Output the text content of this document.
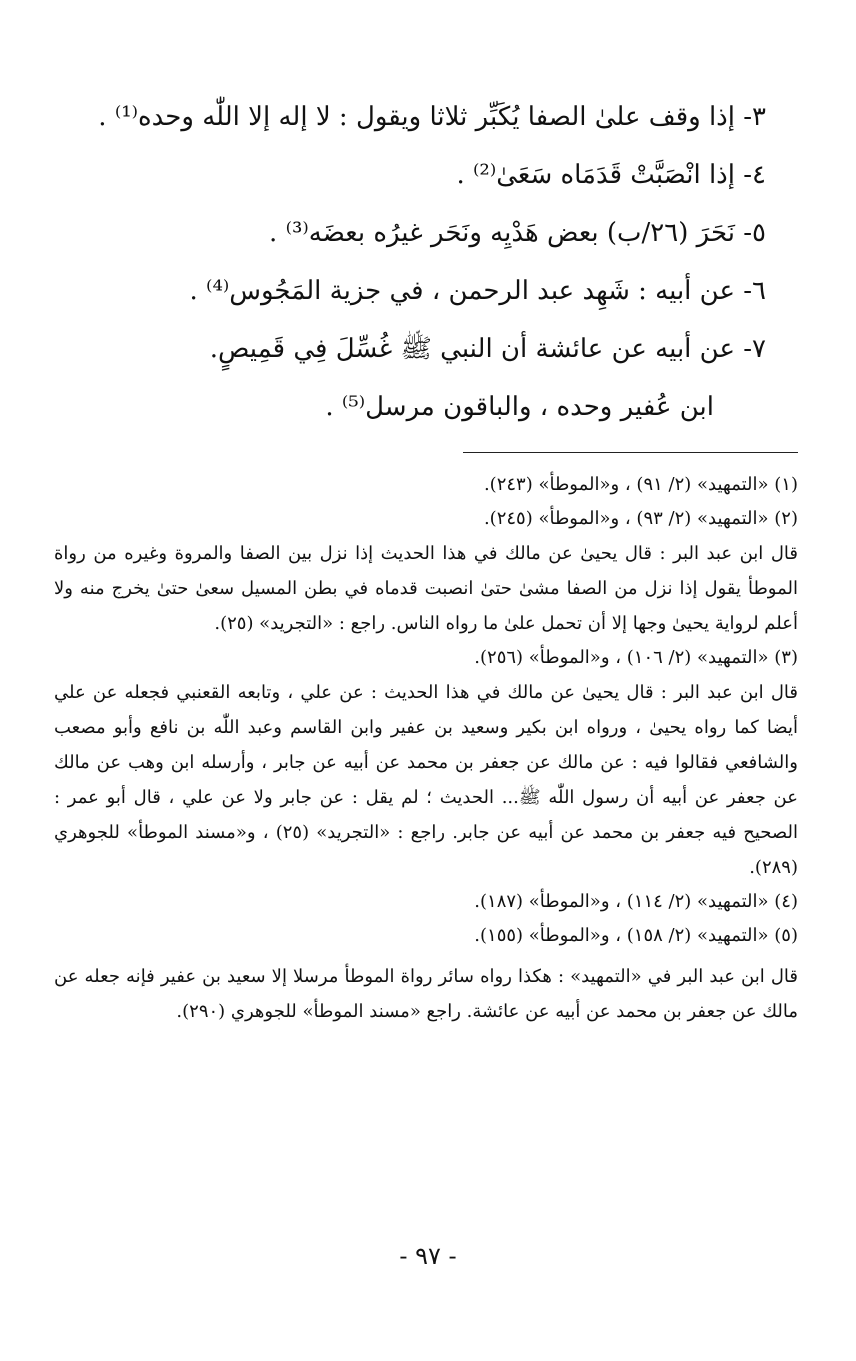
٣- إذا وقف علىٰ الصفا يُكَبِّر ثلاثا ويقول : لا إله إلا اللّٰه وحده⁽¹⁾ .

٤- إذا انْصَبَّتْ قَدَمَاه سَعَىٰ⁽²⁾ .

٥- نَحَرَ (٢٦/ب) بعض هَدْيِه ونَحَر غيرُه بعضَه⁽³⁾ .

٦- عن أبيه : شَهِد عبد الرحمن ، في جزية المَجُوس⁽⁴⁾ .

٧- عن أبيه عن عائشة أن النبي ﷺ غُسِّلَ فِي قَمِيصٍ.

ابن عُفير وحده ، والباقون مرسل⁽⁵⁾ .

(١) «التمهيد» (٢/ ٩١) ، و«الموطأ» (٢٤٣).

(٢) «التمهيد» (٢/ ٩٣) ، و«الموطأ» (٢٤٥).

قال ابن عبد البر : قال يحيىٰ عن مالك في هذا الحديث إذا نزل بين الصفا والمروة وغيره من رواة الموطأ يقول إذا نزل من الصفا مشىٰ حتىٰ انصبت قدماه في بطن المسيل سعىٰ حتىٰ يخرج منه ولا أعلم لرواية يحيىٰ وجها إلا أن تحمل علىٰ ما رواه الناس. راجع : «التجريد» (٢٥).

(٣) «التمهيد» (٢/ ١٠٦) ، و«الموطأ» (٢٥٦).

قال ابن عبد البر : قال يحيىٰ عن مالك في هذا الحديث : عن علي ، وتابعه القعنبي فجعله عن علي أيضا كما رواه يحيىٰ ، ورواه ابن بكير وسعيد بن عفير وابن القاسم وعبد اللّٰه بن نافع وأبو مصعب والشافعي فقالوا فيه : عن مالك عن جعفر بن محمد عن أبيه عن جابر ، وأرسله ابن وهب عن مالك عن جعفر عن أبيه أن رسول اللّٰه ﷺ... الحديث ؛ لم يقل : عن جابر ولا عن علي ، قال أبو عمر : الصحيح فيه جعفر بن محمد عن أبيه عن جابر. راجع : «التجريد» (٢٥) ، و«مسند الموطأ» للجوهري (٢٨٩).

(٤) «التمهيد» (٢/ ١١٤) ، و«الموطأ» (١٨٧).

(٥) «التمهيد» (٢/ ١٥٨) ، و«الموطأ» (١٥٥).

قال ابن عبد البر في «التمهيد» : هكذا رواه سائر رواة الموطأ مرسلا إلا سعيد بن عفير فإنه جعله عن مالك عن جعفر بن محمد عن أبيه عن عائشة. راجع «مسند الموطأ» للجوهري (٢٩٠).

- ٩٧ -
